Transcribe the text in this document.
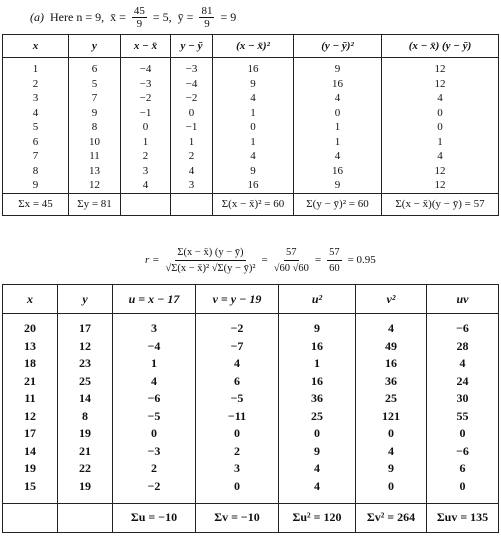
(a) Here n = 9, x̄ = $\frac{45}{9} = 5$, ȳ = $\frac{81}{9} = 9$
x	y	x − x̄	y − ȳ	(x − x̄)²	(y − ȳ)²	(x − x̄) (y − ȳ)
1	6	−4	−3	16	9	12
2	5	−3	−4	9	16	12
3	7	−2	−2	4	4	4
4	9	−1	0	1	0	0
5	8	0	−1	0	1	0
6	10	1	1	1	1	1
7	11	2	2	4	4	4
8	13	3	4	9	16	12
9	12	4	3	16	9	12
Σx = 45	Σy = 81			Σ(x − x̄)² = 60	Σ(y − ȳ)² = 60	Σ(x − x̄)(y − ȳ) = 57
$r = \frac{\Sigma(x - x̄) (y - ȳ)}{\text{√Σ(x − x̄)² √Σ(y − ȳ)²}} = \frac{57}{√60 √60} = \frac{57}{60} = 0.95$
x	y	u = x − 17	v = y − 19	u²	v²	uv
20	17	3	−2	9	4	−6
13	12	−4	−7	16	49	28
18	23	1	4	1	16	4
21	25	4	6	16	36	24
11	14	−6	−5	36	25	30
12	8	−5	−11	25	121	55
17	19	0	0	0	0	0
14	21	−3	2	9	4	−6
19	22	2	3	4	9	6
15	19	−2	0	4	0	0
		Σu = −10	Σv = −10	Σu² = 120	Σv² = 264	Σuv = 135
